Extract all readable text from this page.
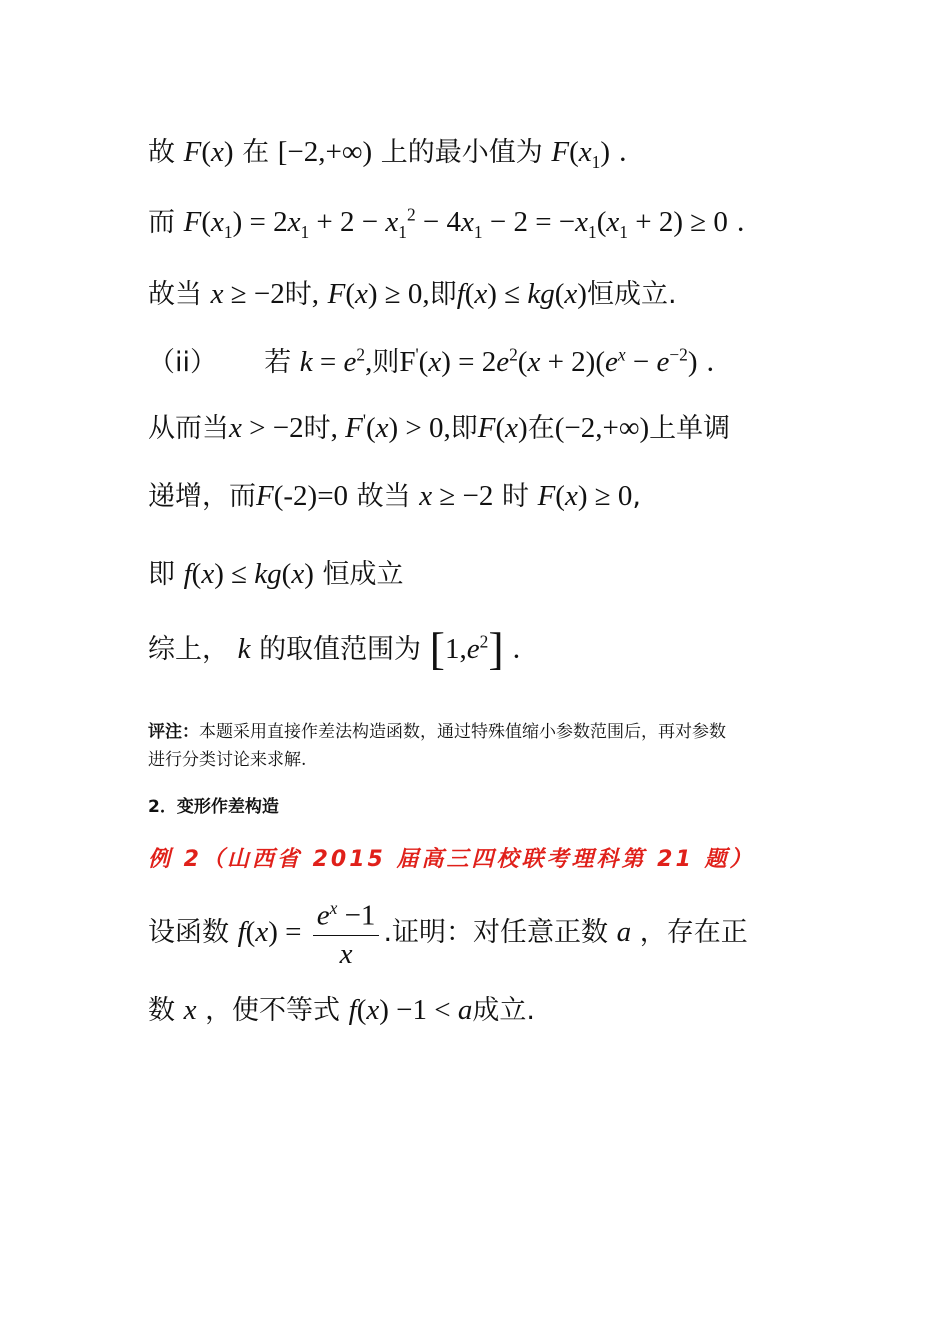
故 F(x) 在 [−2,+∞) 上的最小值为 $F(x_1)$ ．
而 $F(x_1) = 2x_1 + 2 - x_1^2 - 4x_1 - 2 = -x_1(x_1 + 2) \ge 0$ ．
故当 x ≥ −2时, F(x) ≥ 0,即f(x) ≤ kg(x)恒成立.
（ii） 若 $k = e^2$,则$F'(x) = 2e^2(x + 2)(e^x - e^{-2})$ ．
从而当x > −2时, F'(x) > 0,即F(x)在(−2,+∞)上单调
递增，而F(-2)=0 故当 x ≥ −2 时 F(x) ≥ 0,
即 f(x) ≤ kg(x) 恒成立
综上， k 的取值范围为 $[1,e^2]$ ．
评注：本题采用直接作差法构造函数，通过特殊值缩小参数范围后，再对参数
进行分类讨论来求解.
2．变形作差构造
例 2（山西省 2015 届高三四校联考理科第 21 题）
设函数 $f(x) = \frac{e^x -1}{x}$ .证明：对任意正数 a ，存在正
数 x ，使不等式 f(x) −1 < a成立.
